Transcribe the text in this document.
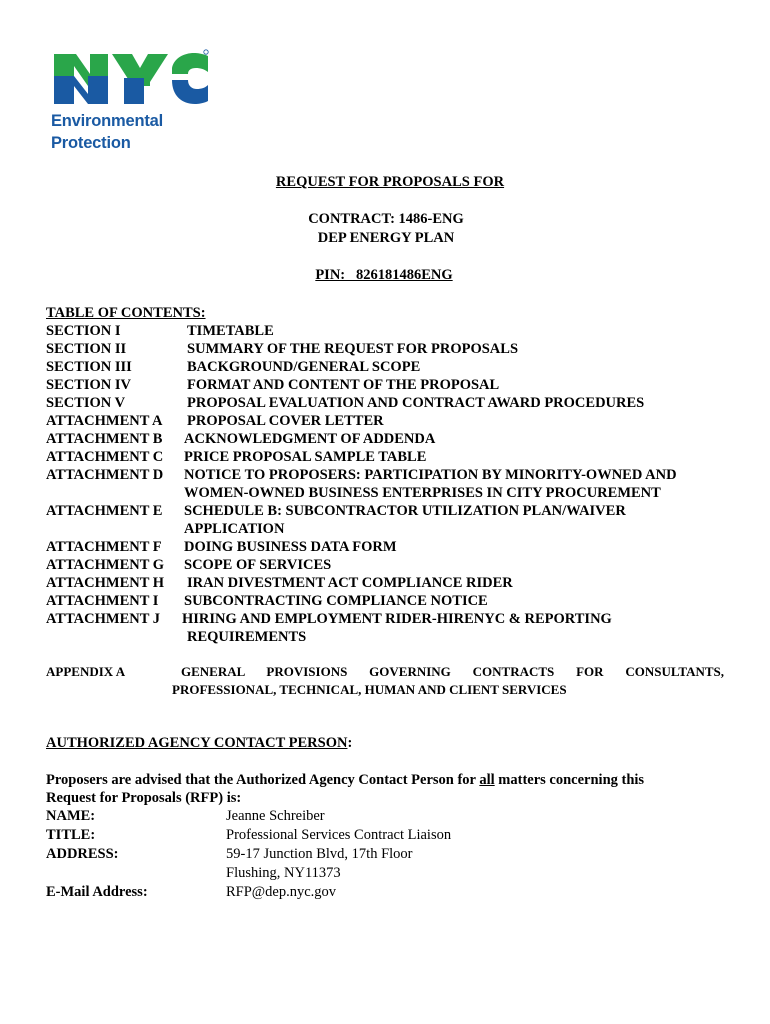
Environmental
Protection
REQUEST FOR PROPOSALS FOR
CONTRACT: 1486-ENG
DEP ENERGY PLAN
PIN:   826181486ENG
TABLE OF CONTENTS:
SECTION I	TIMETABLE
SECTION II	SUMMARY OF THE REQUEST FOR PROPOSALS
SECTION III	BACKGROUND/GENERAL SCOPE
SECTION IV	FORMAT AND CONTENT OF THE PROPOSAL
SECTION V	PROPOSAL EVALUATION AND CONTRACT AWARD PROCEDURES
ATTACHMENT A PROPOSAL COVER LETTER
ATTACHMENT B ACKNOWLEDGMENT OF ADDENDA
ATTACHMENT C PRICE PROPOSAL SAMPLE TABLE
ATTACHMENT D NOTICE TO PROPOSERS: PARTICIPATION BY MINORITY-OWNED AND
WOMEN-OWNED BUSINESS ENTERPRISES IN CITY PROCUREMENT
ATTACHMENT E SCHEDULE B: SUBCONTRACTOR UTILIZATION PLAN/WAIVER
APPLICATION
ATTACHMENT F DOING BUSINESS DATA FORM
ATTACHMENT G SCOPE OF SERVICES
ATTACHMENT H IRAN DIVESTMENT ACT COMPLIANCE RIDER
ATTACHMENT I SUBCONTRACTING COMPLIANCE NOTICE
ATTACHMENT J HIRING AND EMPLOYMENT RIDER-HIRENYC & REPORTING
REQUIREMENTS
APPENDIX A	GENERAL PROVISIONS GOVERNING CONTRACTS FOR CONSULTANTS,
PROFESSIONAL, TECHNICAL, HUMAN AND CLIENT SERVICES
AUTHORIZED AGENCY CONTACT PERSON:
Proposers are advised that the Authorized Agency Contact Person for all matters concerning this
Request for Proposals (RFP) is:
NAME:	Jeanne Schreiber
TITLE:	Professional Services Contract Liaison
ADDRESS:	59-17 Junction Blvd, 17th Floor
Flushing, NY11373
E-Mail Address:	RFP@dep.nyc.gov
